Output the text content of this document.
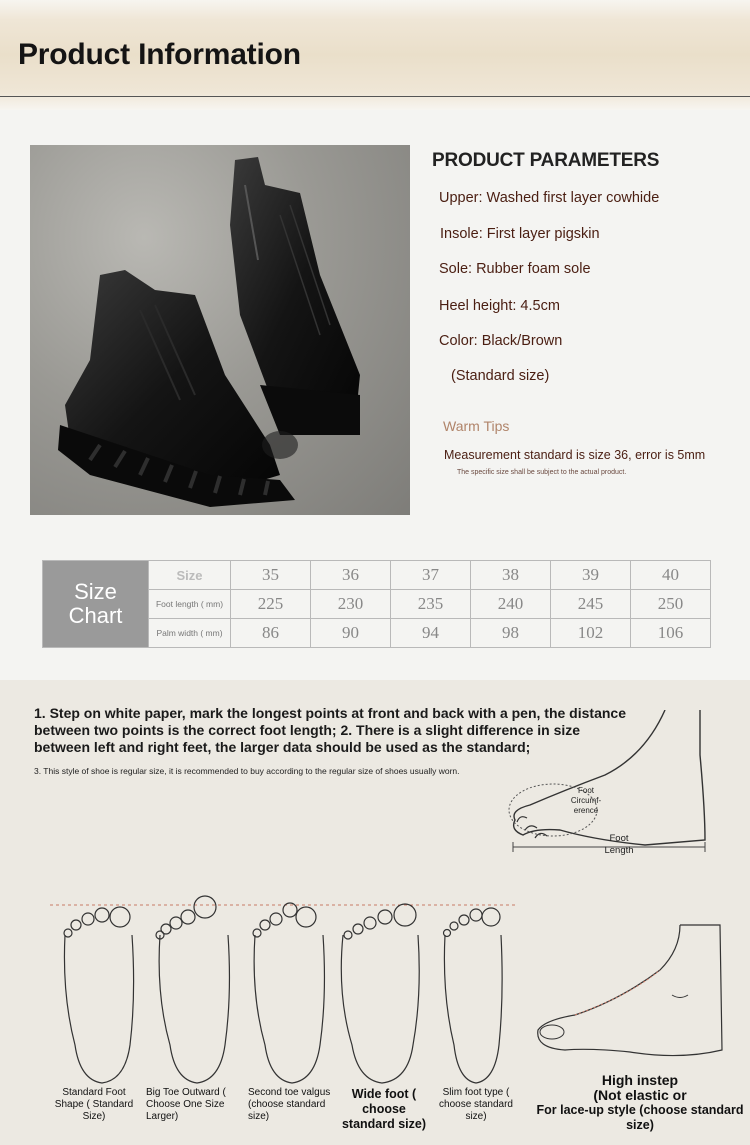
Product Information
PRODUCT PARAMETERS
Upper: Washed first layer cowhide
Insole: First layer pigskin
Sole: Rubber foam sole
Heel height: 4.5cm
Color: Black/Brown
(Standard size)
Warm Tips
Measurement standard is size 36, error is 5mm
The specific size shall be subject to the actual product.
Size
Chart	Size	35	36	37	38	39	40
	Foot length ( mm)	225	230	235	240	245	250
	Palm width ( mm)	86	90	94	98	102	106
1. Step on white paper, mark the longest points at front and back with a pen, the distance between two points is the correct foot length; 2. There is a slight difference in size between left and right feet, the larger data should be used as the standard;
3. This style of shoe is regular size, it is recommended to buy according to the regular size of shoes usually worn.
Foot Circumf- erence
Foot Length
Standard Foot Shape ( Standard Size)
Big Toe Outward ( Choose One Size Larger)
Second toe valgus (choose standard size)
Wide foot ( choose standard size)
Slim foot type ( choose standard size)
High instep
(Not elastic or
For lace-up style (choose standard size)
